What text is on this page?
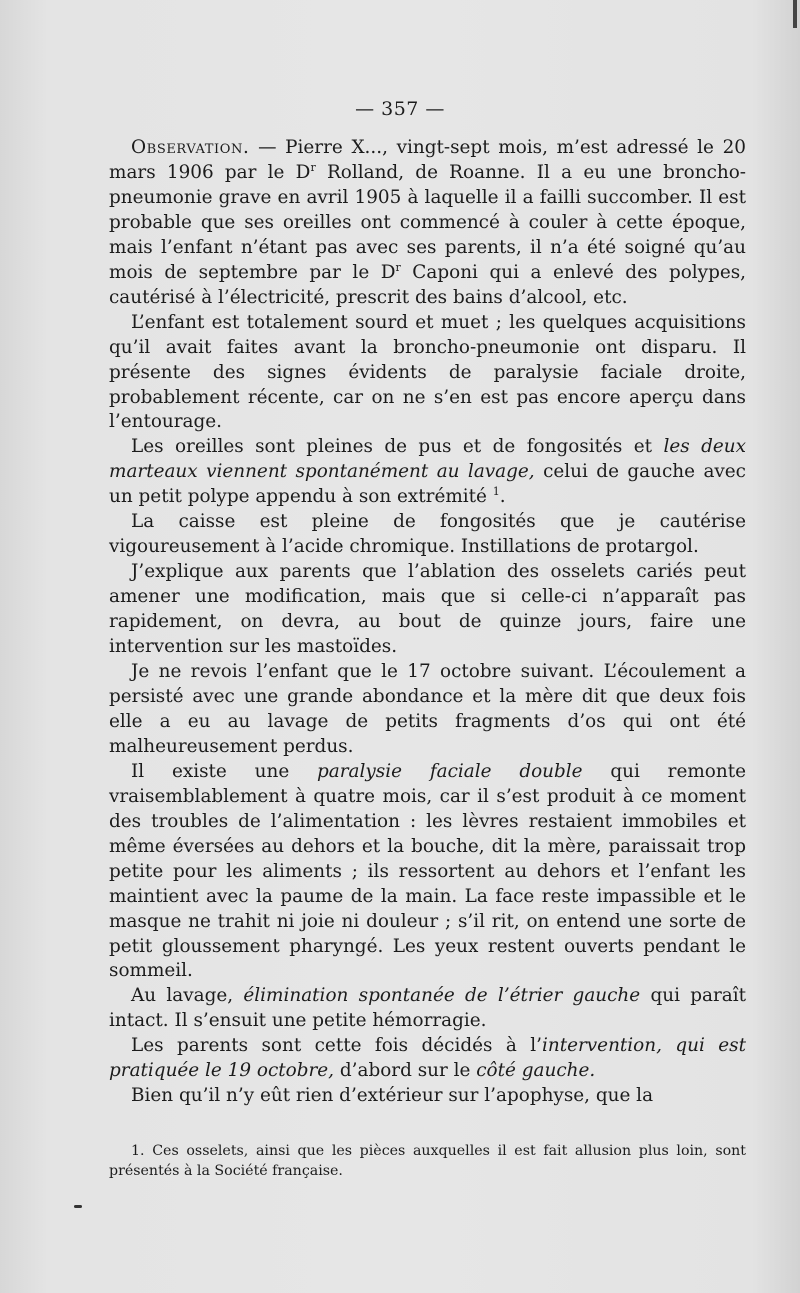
— 357 —

Observation. — Pierre X..., vingt-sept mois, m’est adressé le 20 mars 1906 par le $D^r$ Rolland, de Roanne. Il a eu une broncho-pneumonie grave en avril 1905 à laquelle il a failli succomber. Il est probable que ses oreilles ont commencé à couler à cette époque, mais l’enfant n’étant pas avec ses parents, il n’a été soigné qu’au mois de septembre par le $D^r$ Caponi qui a enlevé des polypes, cautérisé à l’électricité, prescrit des bains d’alcool, etc.

L’enfant est totalement sourd et muet ; les quelques acquisitions qu’il avait faites avant la broncho-pneumonie ont disparu. Il présente des signes évidents de paralysie faciale droite, probablement récente, car on ne s’en est pas encore aperçu dans l’entourage.

Les oreilles sont pleines de pus et de fongosités et les deux marteaux viennent spontanément au lavage, celui de gauche avec un petit polype appendu à son extrémité $^1$.

La caisse est pleine de fongosités que je cautérise vigoureusement à l’acide chromique. Instillations de protargol.

J’explique aux parents que l’ablation des osselets cariés peut amener une modification, mais que si celle-ci n’apparaît pas rapidement, on devra, au bout de quinze jours, faire une intervention sur les mastoïdes.

Je ne revois l’enfant que le 17 octobre suivant. L’écoulement a persisté avec une grande abondance et la mère dit que deux fois elle a eu au lavage de petits fragments d’os qui ont été malheureusement perdus.

Il existe une paralysie faciale double qui remonte vraisemblablement à quatre mois, car il s’est produit à ce moment des troubles de l’alimentation : les lèvres restaient immobiles et même éversées au dehors et la bouche, dit la mère, paraissait trop petite pour les aliments ; ils ressortent au dehors et l’enfant les maintient avec la paume de la main. La face reste impassible et le masque ne trahit ni joie ni douleur ; s’il rit, on entend une sorte de petit gloussement pharyngé. Les yeux restent ouverts pendant le sommeil.

Au lavage, élimination spontanée de l’étrier gauche qui paraît intact. Il s’ensuit une petite hémorragie.

Les parents sont cette fois décidés à l’intervention, qui est pratiquée le 19 octobre, d’abord sur le côté gauche.

Bien qu’il n’y eût rien d’extérieur sur l’apophyse, que la

1. Ces osselets, ainsi que les pièces auxquelles il est fait allusion plus loin, sont présentés à la Société française.
